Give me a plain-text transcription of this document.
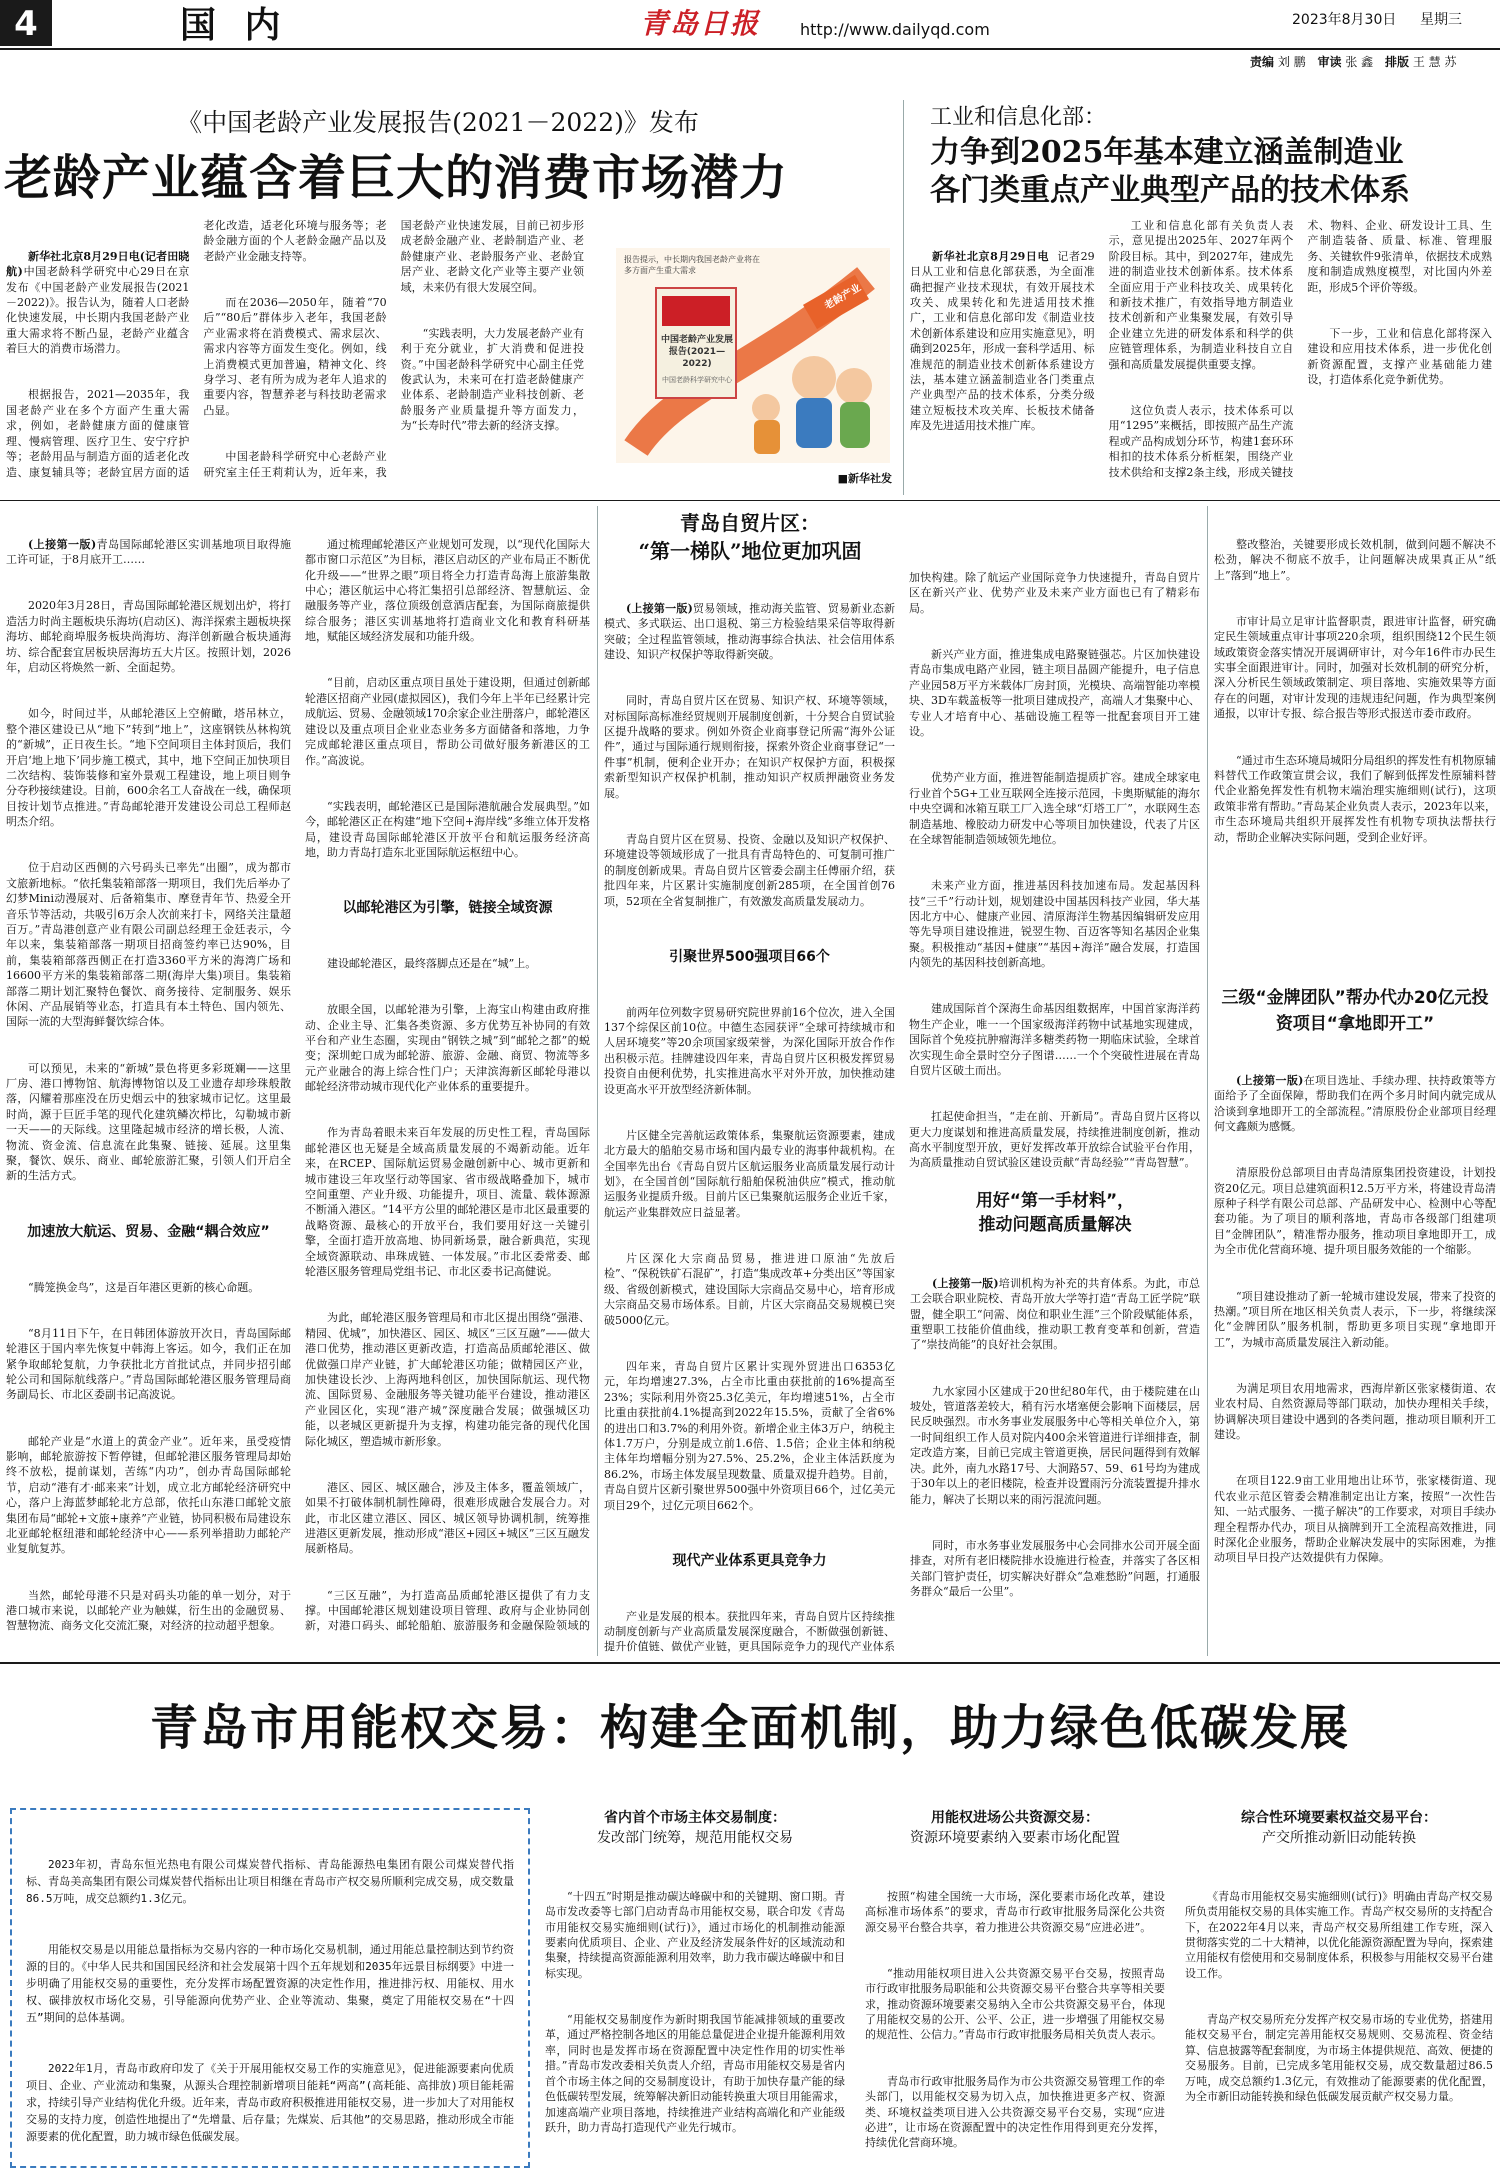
4	国 内	青岛日报	http://www.dailyqd.com	2023年8月30日	星期三
责编 刘 鹏 审读 张 鑫 排版 王 慧 苏
《中国老龄产业发展报告(2021－2022)》发布
老龄产业蕴含着巨大的消费市场潜力

新华社北京8月29日电(记者田晓航)中国老龄科学研究中心29日在京发布《中国老龄产业发展报告(2021－2022)》。报告认为，随着人口老龄化快速发展，中长期内我国老龄产业重大需求将不断凸显，老龄产业蕴含着巨大的消费市场潜力。

根据报告，2021—2035年，我国老龄产业在多个方面产生重大需求，例如，老龄健康方面的健康管理、慢病管理、医疗卫生、安宁疗护等；老龄用品与制造方面的适老化改造、康复辅具等；老龄宜居方面的适老化改造，适老化环境与服务等；老龄金融方面的个人老龄金融产品以及老龄产业金融支持等。

而在2036—2050年，随着“70后”“80后”群体步入老年，我国老龄产业需求将在消费模式、需求层次、需求内容等方面发生变化。例如，线上消费模式更加普遍，精神文化、终身学习、老有所为成为老年人追求的重要内容，智慧养老与科技助老需求凸显。

中国老龄科学研究中心老龄产业研究室主任王莉莉认为，近年来，我国老龄产业快速发展，目前已初步形成老龄金融产业、老龄制造产业、老龄健康产业、老龄服务产业、老龄宜居产业、老龄文化产业等主要产业领域，未来仍有很大发展空间。

“实践表明，大力发展老龄产业有利于充分就业，扩大消费和促进投资。”中国老龄科学研究中心副主任党俊武认为，未来可在打造老龄健康产业体系、老龄制造产业科技创新、老龄服务产业质量提升等方面发力，为“长寿时代”带去新的经济支撑。

报告提示，中长期内我国老龄产业将在多方面产生重大需求
中国老龄产业发展报告(2021—2022)
中国老龄科学研究中心
老龄产业
■新华社发
工业和信息化部：
力争到2025年基本建立涵盖制造业
各门类重点产业典型产品的技术体系

新华社北京8月29日电 记者29日从工业和信息化部获悉，为全面准确把握产业技术现状，有效开展技术攻关、成果转化和先进适用技术推广，工业和信息化部印发《制造业技术创新体系建设和应用实施意见》，明确到2025年，形成一套科学适用、标准规范的制造业技术创新体系建设方法，基本建立涵盖制造业各门类重点产业典型产品的技术体系，分类分级建立短板技术攻关库、长板技术储备库及先进适用技术推广库。

工业和信息化部有关负责人表示，意见提出2025年、2027年两个阶段目标。其中，到2027年，建成先进的制造业技术创新体系。技术体系全面应用于产业科技攻关、成果转化和新技术推广，有效指导地方制造业技术创新和产业集聚发展，有效引导企业建立先进的研发体系和科学的供应链管理体系，为制造业科技自立自强和高质量发展提供重要支撑。

这位负责人表示，技术体系可以用“1295”来概括，即按照产品生产流程或产品构成划分环节，构建1套环环相扣的技术体系分析框架，围绕产业技术供给和支撑2条主线，形成关键技术、物料、企业、研发设计工具、生产制造装备、质量、标准、管理服务、关键软件9张清单，依据技术成熟度和制造成熟度模型，对比国内外差距，形成5个评价等级。

下一步，工业和信息化部将深入建设和应用技术体系，进一步优化创新资源配置，支撑产业基础能力建设，打造体系化竞争新优势。

(上接第一版)青岛国际邮轮港区实训基地项目取得施工许可证，于8月底开工……

2020年3月28日，青岛国际邮轮港区规划出炉，将打造活力时尚主题板块乐海坊(启动区)、海洋探索主题板块探海坊、邮轮商埠服务板块尚海坊、海洋创新融合板块通海坊、综合配套宜居板块居海坊五大片区。按照计划，2026年，启动区将焕然一新、全面起势。

如今，时间过半，从邮轮港区上空俯瞰，塔吊林立，整个港区建设已从“地下”转到“地上”，这座钢铁丛林构筑的“新城”，正日夜生长。“地下空间项目主体封顶后，我们开启‘地上地下’同步施工模式，其中，地下空间正加快项目二次结构、装饰装修和室外景观工程建设，地上项目则争分夺秒接续建设。目前，600余名工人奋战在一线，确保项目按计划节点推进。”青岛邮轮港开发建设公司总工程师赵明杰介绍。

位于启动区西侧的六号码头已率先“出圈”，成为都市文旅新地标。“依托集装箱部落一期项目，我们先后举办了幻梦Mini动漫展对、后备箱集市、摩登青年节、热爱全开音乐节等活动，共吸引6万余人次前来打卡，网络关注量超百万。”青岛港创意产业有限公司副总经理王金廷表示，今年以来，集装箱部落一期项目招商签约率已达90%，目前，集装箱部落西侧正在打造3360平方米的海湾广场和16600平方米的集装箱部落二期(海岸大集)项目。集装箱部落二期计划汇聚特色餐饮、商务接待、定制服务、娱乐休闲、产品展销等业态，打造具有本土特色、国内领先、国际一流的大型海鲜餐饮综合体。

可以预见，未来的“新城”景色将更多彩斑斓——这里厂房、港口博物馆、航海博物馆以及工业遗存却珍珠般散落，闪耀着那座没在历史烟云中的独家城市记忆。这里最时尚，源于巨匠手笔的现代化建筑鳞次栉比，勾勒城市新一天——的天际线。这里隆起城市经济的增长极，人流、物流、资金流、信息流在此集聚、链接、延展。这里集聚，餐饮、娱乐、商业、邮轮旅游汇聚，引领人们开启全新的生活方式。

加速放大航运、贸易、金融“耦合效应”

“腾笼换金鸟”，这是百年港区更新的核心命题。

“8月11日下午，在日韩团体游放开次日，青岛国际邮轮港区于国内率先恢复中韩海上客运。如今，我们正在加紧争取邮轮复航，力争获批北方首批试点，并同步招引邮轮公司和国际航线落户。”青岛国际邮轮港区服务管理局商务副局长、市北区委副书记高波说。

邮轮产业是“水道上的黄金产业”。近年来，虽受疫情影响，邮轮旅游按下暂停键，但邮轮港区服务管理局却始终不放松，提前谋划，苦练“内功”，创办青岛国际邮轮节，启动“港有才·邮来来”计划，成立北方邮轮经济研究中心，落户上海蓝梦邮轮北方总部，依托山东港口邮轮文旅集团布局“邮轮+文旅+康养”产业链，协同积极布局建设东北亚邮轮枢纽港和邮轮经济中心——系列举措助力邮轮产业复航复苏。

当然，邮轮母港不只是对码头功能的单一划分，对于港口城市来说，以邮轮产业为触媒，衍生出的金融贸易、智慧物流、商务文化交流汇聚，对经济的拉动超乎想象。

通过梳理邮轮港区产业规划可发现，以“现代化国际大都市窗口示范区”为目标，港区启动区的产业布局正不断优化升级——“世界之眼”项目将全力打造青岛海上旅游集散中心；港区航运中心将汇集招引总部经济、智慧航运、金融服务等产业，落位顶级创意酒店配套，为国际商旅提供综合服务；港区实训基地将打造商业文化和教育科研基地，赋能区域经济发展和功能升级。

“目前，启动区重点项目虽处于建设期，但通过创新邮轮港区招商产业园(虚拟园区)，我们今年上半年已经累计完成航运、贸易、金融领域170余家企业注册落户，邮轮港区建设以及重点项目企业业态业务多方面储备和落地，力争完成邮轮港区重点项目，帮助公司做好服务新港区的工作。”高波说。

“实践表明，邮轮港区已是国际港航融合发展典型。”如今，邮轮港区正在构建“地下空间+海岸线”多维立体开发格局，建设青岛国际邮轮港区开放平台和航运服务经济高地，助力青岛打造东北亚国际航运枢纽中心。

以邮轮港区为引擎，链接全域资源

建设邮轮港区，最终落脚点还是在“城”上。

放眼全国，以邮轮港为引擎，上海宝山构建由政府推动、企业主导、汇集各类资源、多方优势互补协同的有效平台和产业生态圈，实现由“钢铁之城”到“邮轮之都”的蜕变；深圳蛇口成为邮轮游、旅游、金融、商贸、物流等多元产业融合的海上综合性门户；天津滨海新区邮轮母港以邮轮经济带动城市现代化产业体系的重要提升。

作为青岛着眼未来百年发展的历史性工程，青岛国际邮轮港区也无疑是全域高质量发展的不竭新动能。近年来，在RCEP、国际航运贸易金融创新中心、城市更新和城市建设三年攻坚行动等国家、省市级战略叠加下，城市空间重塑、产业升级、功能提升，项目、流量、载体源源不断涌入港区。“14平方公里的邮轮港区是市北区最重要的战略资源、最核心的开放平台，我们要用好这一关键引擎，全面打造开放高地、协同新场景，融合新典范，实现全域资源联动、串珠成链、一体发展。”市北区委常委、邮轮港区服务管理局党组书记、市北区委书记高健说。

为此，邮轮港区服务管理局和市北区提出围绕“强港、精园、优城”，加快港区、园区、城区“三区互融”——做大港口优势，推动港区更新改造，打造高品质邮轮港区、做优做强口岸产业链，扩大邮轮港区功能；做精园区产业，加快建设长沙、上海两地科创区，加快国际航运、现代物流、国际贸易、金融服务等关键功能平台建设，推动港区产业园区化，实现“港产城”深度融合发展；做强城区功能，以老城区更新提升为支撑，构建功能完备的现代化国际化城区，塑造城市新形象。

港区、园区、城区融合，涉及主体多，覆盖领域广，如果不打破体制机制性障碍，很难形成融合发展合力。对此，市北区建立港区、园区、城区领导协调机制，统筹推进港区更新发展，推动形成“港区+园区+城区”三区互融发展新格局。

“三区互融”，为打造高品质邮轮港区提供了有力支撑。中国邮轮港区规划建设项目管理、政府与企业协同创新，对港口码头、邮轮船舶、旅游服务和金融保险领域的

青岛自贸片区：
“第一梯队”地位更加巩固

(上接第一版)贸易领域，推动海关监管、贸易新业态新模式、多式联运、出口退税、第三方检验结果采信等取得新突破；全过程监管领域，推动海事综合执法、社会信用体系建设、知识产权保护等取得新突破。

同时，青岛自贸片区在贸易、知识产权、环境等领域，对标国际高标准经贸规则开展制度创新，十分契合自贸试验区提升战略的要求。例如外资企业商事登记所需“海外公证件”，通过与国际通行规则衔接，探索外资企业商事登记“一件事”机制，便利企业开办；在知识产权保护方面，积极探索新型知识产权保护机制，推动知识产权质押融资业务发展。

青岛自贸片区在贸易、投资、金融以及知识产权保护、环境建设等领域形成了一批具有青岛特色的、可复制可推广的制度创新成果。青岛自贸片区管委会副主任傅丽介绍，获批四年来，片区累计实施制度创新285项，在全国首创76项，52项在全省复制推广，有效激发高质量发展动力。

引聚世界500强项目66个

前两年位列数字贸易研究院世界前16个位次，进入全国137个综保区前10位。中德生态园获评“全球可持续城市和人居环境奖”等20余项国家级荣誉，为深化国际开放合作作出积极示范。挂牌建设四年来，青岛自贸片区积极发挥贸易投资自由便利优势，扎实推进高水平对外开放，加快推动建设更高水平开放型经济新体制。

片区健全完善航运政策体系，集聚航运资源要素，建成北方最大的船舶交易市场和国内最专业的海事仲裁机构。在全国率先出台《青岛自贸片区航运服务业高质量发展行动计划》，在全国首创“国际航行船舶保税油供应”模式，推动航运服务业提质升级。目前片区已集聚航运服务企业近千家，航运产业集群效应日益显著。

片区深化大宗商品贸易，推进进口原油“先放后检”、“保税铁矿石混矿”，打造“集成改革+分类出区”等国家级、省级创新模式，建设国际大宗商品交易中心，培育形成大宗商品交易市场体系。目前，片区大宗商品交易规模已突破5000亿元。

四年来，青岛自贸片区累计实现外贸进出口6353亿元，年均增速27.3%，占全市比重由获批前的16%提高至23%；实际利用外资25.3亿美元，年均增速51%，占全市比重由获批前4.1%提高到2022年15.5%，贡献了全省6%的进出口和3.7%的利用外资。新增企业主体3万户，纳税主体1.7万户，分别是成立前1.6倍、1.5倍；企业主体和纳税主体年均增幅分别为27.5%、25.2%，企业主体活跃度为86.2%，市场主体发展呈现数量、质量双提升趋势。目前，青岛自贸片区新引聚世界500强中外资项目66个，过亿美元项目29个，过亿元项目662个。

现代产业体系更具竞争力

产业是发展的根本。获批四年来，青岛自贸片区持续推动制度创新与产业高质量发展深度融合，不断做强创新链、提升价值链、做优产业链，更具国际竞争力的现代产业体系加快构建。除了航运产业国际竞争力快速提升，青岛自贸片区在新兴产业、优势产业及未来产业方面也已有了精彩布局。

新兴产业方面，推进集成电路聚链强芯。片区加快建设青岛市集成电路产业园，链主项目晶圆产能提升，电子信息产业园58万平方米载体厂房封顶，光模块、高端智能功率模块、3D车载盖板等一批项目建成投产，高端人才集聚中心、专业人才培育中心、基础设施工程等一批配套项目开工建设。

优势产业方面，推进智能制造提质扩容。建成全球家电行业首个5G+工业互联网全连接示范园，卡奥斯赋能的海尔中央空调和冰箱互联工厂入选全球“灯塔工厂”，水联网生态制造基地、橡胶动力研发中心等项目加快建设，代表了片区在全球智能制造领域领先地位。

未来产业方面，推进基因科技加速布局。发起基因科技“三千”行动计划，规划建设中国基因科技产业园，华大基因北方中心、健康产业园、清原海洋生物基因编辑研发应用等先导项目建设推进，锐翌生物、百迈客等知名基因企业集聚。积极推动“基因+健康”“基因+海洋”融合发展，打造国内领先的基因科技创新高地。

建成国际首个深海生命基因组数据库，中国首家海洋药物生产企业，唯一一个国家级海洋药物中试基地实现建成，国际首个免疫抗肿瘤海洋多糖类药物一期临床试验，全球首次实现生命全景时空分子图谱……一个个突破性进展在青岛自贸片区破土而出。

扛起使命担当，“走在前、开新局”。青岛自贸片区将以更大力度谋划和推进高质量发展，持续推进制度创新，推动高水平制度型开放，更好发挥改革开放综合试验平台作用，为高质量推动自贸试验区建设贡献“青岛经验”“青岛智慧”。

整改整治，关键要形成长效机制，做到问题不解决不松劲，解决不彻底不放手，让问题解决成果真正从“纸上”落到“地上”。

市审计局立足审计监督职责，跟进审计监督，研究确定民生领域重点审计事项220余项，组织围绕12个民生领域政策资金落实情况开展调研审计，对今年16件市办民生实事全面跟进审计。同时，加强对长效机制的研究分析，深入分析民生领域政策制定、项目落地、实施效果等方面存在的问题，对审计发现的违规违纪问题，作为典型案例通报，以审计专报、综合报告等形式报送市委市政府。

“通过市生态环境局城阳分局组织的挥发性有机物原辅料替代工作政策宣贯会议，我们了解到低挥发性原辅料替代企业豁免挥发性有机物末端治理实施细则(试行)，这项政策非常有帮助。”青岛某企业负责人表示，2023年以来，市生态环境局共组织开展挥发性有机物专项执法帮扶行动，帮助企业解决实际问题，受到企业好评。

三级“金牌团队”帮办代办20亿元投资项目“拿地即开工”

(上接第一版)在项目选址、手续办理、扶持政策等方面给予了全面保障，帮助我们在两个多月时间内就完成从洽谈到拿地即开工的全部流程。”清原股份企业部项目经理何文鑫颇为感慨。

清原股份总部项目由青岛清原集团投资建设，计划投资20亿元。项目总建筑面积12.5万平方米，将建设青岛清原种子科学有限公司总部、产品研发中心、检测中心等配套功能。为了项目的顺利落地，青岛市各级部门组建项目“金牌团队”，精准帮办服务，推动项目拿地即开工，成为全市优化营商环境、提升项目服务效能的一个缩影。

“项目建设推动了新一轮城市建设发展，带来了投资的热潮。”项目所在地区相关负责人表示，下一步，将继续深化“金牌团队”服务机制，帮助更多项目实现“拿地即开工”，为城市高质量发展注入新动能。

为满足项目农用地需求，西海岸新区张家楼街道、农业农村局、自然资源局等部门联动，加快办理相关手续，协调解决项目建设中遇到的各类问题，推动项目顺利开工建设。

在项目122.9亩工业用地出让环节，张家楼街道、现代农业示范区管委会精准制定出让方案，按照“一次性告知、一站式服务、一揽子解决”的工作要求，对项目手续办理全程帮办代办，项目从摘牌到开工全流程高效推进，同时深化企业服务，帮助企业解决发展中的实际困难，为推动项目早日投产达效提供有力保障。

用好“第一手材料”，
推动问题高质量解决

(上接第一版)培训机构为补充的共育体系。为此，市总工会联合职业院校、青岛开放大学等打造“青岛工匠学院”联盟，健全职工“问需、岗位和职业生涯”三个阶段赋能体系，重塑职工技能价值曲线，推动职工教育变革和创新，营造了“崇技尚能”的良好社会氛围。

九水家园小区建成于20世纪80年代，由于楼院建在山坡处，管道落差较大，稍有污水堵塞便会影响下面楼层，居民反映强烈。市水务事业发展服务中心等相关单位介入，第一时间组织工作人员对院内400余米管道进行详细排查，制定改造方案，目前已完成主管道更换，居民问题得到有效解决。此外，南九水路17号、大涧路57、59、61号均为建成于30年以上的老旧楼院，检查并设置雨污分流装置提升排水能力，解决了长期以来的雨污混流问题。

同时，市水务事业发展服务中心会同排水公司开展全面排查，对所有老旧楼院排水设施进行检查，并落实了各区相关部门管护责任，切实解决好群众“急难愁盼”问题，打通服务群众“最后一公里”。

青岛市用能权交易：构建全面机制，助力绿色低碳发展

2023年初，青岛东恒光热电有限公司煤炭替代指标、青岛能源热电集团有限公司煤炭替代指标、青岛美高集团有限公司煤炭替代指标出让项目相继在青岛市产权交易所顺利完成交易，成交数量86.5万吨，成交总额约1.3亿元。

用能权交易是以用能总量指标为交易内容的一种市场化交易机制，通过用能总量控制达到节约资源的目的。《中华人民共和国国民经济和社会发展第十四个五年规划和2035年远景目标纲要》中进一步明确了用能权交易的重要性，充分发挥市场配置资源的决定性作用，推进排污权、用能权、用水权、碳排放权市场化交易，引导能源向优势产业、企业等流动、集聚，奠定了用能权交易在“十四五”期间的总体基调。

2022年1月，青岛市政府印发了《关于开展用能权交易工作的实施意见》，促进能源要素向优质项目、企业、产业流动和集聚，从源头合理控制新增项目能耗“两高”(高耗能、高排放)项目能耗需求，持续引导产业结构优化升级。近年来，青岛市政府积极推进用能权交易，进一步加大了对用能权交易的支持力度，创造性地提出了“先增量、后存量；先煤炭、后其他”的交易思路，推动形成全市能源要素的优化配置，助力城市绿色低碳发展。

省内首个市场主体交易制度：
发改部门统筹，规范用能权交易

“十四五”时期是推动碳达峰碳中和的关键期、窗口期。青岛市发改委等七部门启动青岛市用能权交易，联合印发《青岛市用能权交易实施细则(试行)》，通过市场化的机制推动能源要素向优质项目、企业、产业及经济发展条件好的区域流动和集聚，持续提高资源能源利用效率，助力我市碳达峰碳中和目标实现。

“用能权交易制度作为新时期我国节能减排领域的重要改革，通过严格控制各地区的用能总量促进企业提升能源利用效率，同时也是发挥市场在资源配置中决定性作用的切实性举措。”青岛市发改委相关负责人介绍，青岛市用能权交易是省内首个市场主体之间的交易制度设计，有助于加快存量产能的绿色低碳转型发展，统筹解决新旧动能转换重大项目用能需求，加速高端产业项目落地，持续推进产业结构高端化和产业能级跃升，助力青岛打造现代产业先行城市。

用能权进场公共资源交易：
资源环境要素纳入要素市场化配置

按照“构建全国统一大市场，深化要素市场化改革，建设高标准市场体系”的要求，青岛市行政审批服务局深化公共资源交易平台整合共享，着力推进公共资源交易“应进必进”。

“推动用能权项目进入公共资源交易平台交易，按照青岛市行政审批服务局职能和公共资源交易平台整合共享等相关要求，推动资源环境要素交易纳入全市公共资源交易平台，体现了用能权交易的公开、公平、公正，进一步增强了用能权交易的规范性、公信力。”青岛市行政审批服务局相关负责人表示。

青岛市行政审批服务局作为市公共资源交易管理工作的牵头部门，以用能权交易为切入点，加快推进更多产权、资源类、环境权益类项目进入公共资源交易平台交易，实现“应进必进”，让市场在资源配置中的决定性作用得到更充分发挥，持续优化营商环境。

综合性环境要素权益交易平台：
产交所推动新旧动能转换

《青岛市用能权交易实施细则(试行)》明确由青岛产权交易所负责用能权交易的具体实施工作。青岛产权交易所的支持配合下，在2022年4月以来，青岛产权交易所组建工作专班，深入贯彻落实党的二十大精神，以优化能源资源配置为导向，探索建立用能权有偿使用和交易制度体系，积极参与用能权交易平台建设工作。

青岛产权交易所充分发挥产权交易市场的专业优势，搭建用能权交易平台，制定完善用能权交易规则、交易流程、资金结算、信息披露等配套制度，为市场主体提供规范、高效、便捷的交易服务。目前，已完成多笔用能权交易，成交数量超过86.5万吨，成交总额约1.3亿元，有效推动了能源要素的优化配置，为全市新旧动能转换和绿色低碳发展贡献产权交易力量。
